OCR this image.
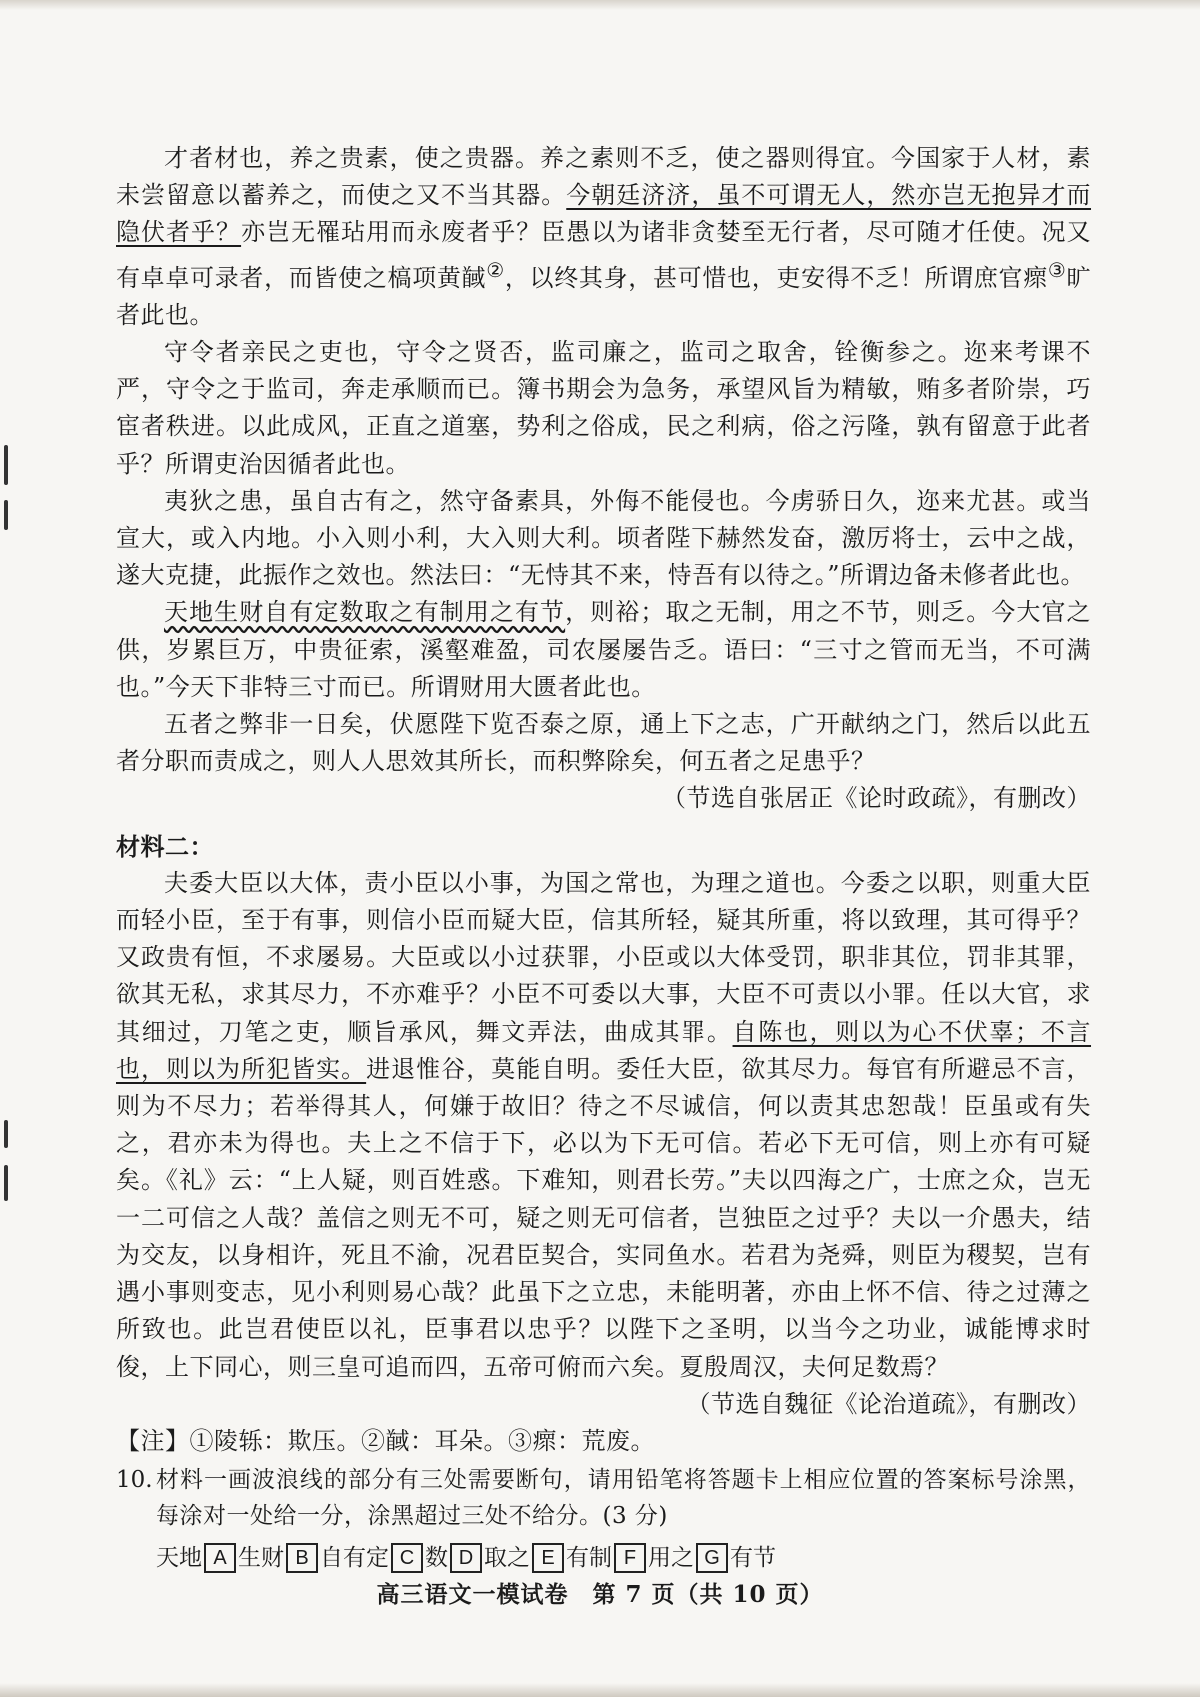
才者材也，养之贵素，使之贵器。养之素则不乏，使之器则得宜。今国家于人材，素未尝留意以蓄养之，而使之又不当其器。今朝廷济济，虽不可谓无人，然亦岂无抱异才而隐伏者乎？亦岂无罹玷用而永废者乎？臣愚以为诸非贪婪至无行者，尽可随才任使。况又有卓卓可录者，而皆使之槁项黄馘②，以终其身，甚可惜也，吏安得不乏！所谓庶官瘝③旷者此也。

守令者亲民之吏也，守令之贤否，监司廉之，监司之取舍，铨衡参之。迩来考课不严，守令之于监司，奔走承顺而已。簿书期会为急务，承望风旨为精敏，贿多者阶崇，巧宦者秩进。以此成风，正直之道塞，势利之俗成，民之利病，俗之污隆，孰有留意于此者乎？所谓吏治因循者此也。

夷狄之患，虽自古有之，然守备素具，外侮不能侵也。今虏骄日久，迩来尤甚。或当宣大，或入内地。小入则小利，大入则大利。顷者陛下赫然发奋，激厉将士，云中之战，遂大克捷，此振作之效也。然法曰：“无恃其不来，恃吾有以待之。”所谓边备未修者此也。

天地生财自有定数取之有制用之有节，则裕；取之无制，用之不节，则乏。今大官之供，岁累巨万，中贵征索，溪壑难盈，司农屡屡告乏。语曰：“三寸之管而无当，不可满也。”今天下非特三寸而已。所谓财用大匮者此也。

五者之弊非一日矣，伏愿陛下览否泰之原，通上下之志，广开献纳之门，然后以此五者分职而责成之，则人人思效其所长，而积弊除矣，何五者之足患乎？

（节选自张居正《论时政疏》，有删改）

材料二：

夫委大臣以大体，责小臣以小事，为国之常也，为理之道也。今委之以职，则重大臣而轻小臣，至于有事，则信小臣而疑大臣，信其所轻，疑其所重，将以致理，其可得乎？又政贵有恒，不求屡易。大臣或以小过获罪，小臣或以大体受罚，职非其位，罚非其罪，欲其无私，求其尽力，不亦难乎？小臣不可委以大事，大臣不可责以小罪。任以大官，求其细过，刀笔之吏，顺旨承风，舞文弄法，曲成其罪。自陈也，则以为心不伏辜；不言也，则以为所犯皆实。进退惟谷，莫能自明。委任大臣，欲其尽力。每官有所避忌不言，则为不尽力；若举得其人，何嫌于故旧？待之不尽诚信，何以责其忠恕哉！臣虽或有失之，君亦未为得也。夫上之不信于下，必以为下无可信。若必下无可信，则上亦有可疑矣。《礼》云：“上人疑，则百姓惑。下难知，则君长劳。”夫以四海之广，士庶之众，岂无一二可信之人哉？盖信之则无不可，疑之则无可信者，岂独臣之过乎？夫以一介愚夫，结为交友，以身相许，死且不渝，况君臣契合，实同鱼水。若君为尧舜，则臣为稷契，岂有遇小事则变志，见小利则易心哉？此虽下之立忠，未能明著，亦由上怀不信、待之过薄之所致也。此岂君使臣以礼，臣事君以忠乎？以陛下之圣明，以当今之功业，诚能博求时俊，上下同心，则三皇可追而四，五帝可俯而六矣。夏殷周汉，夫何足数焉？

（节选自魏征《论治道疏》，有删改）

【注】①陵轹：欺压。②馘：耳朵。③瘝：荒废。

10. 材料一画波浪线的部分有三处需要断句，请用铅笔将答题卡上相应位置的答案标号涂黑，每涂对一处给一分，涂黑超过三处不给分。(3 分)

天地 A 生财 B 自有定 C 数 D 取之 E 有制 F 用之 G 有节
高三语文一模试卷　第 7 页（共 10 页）
